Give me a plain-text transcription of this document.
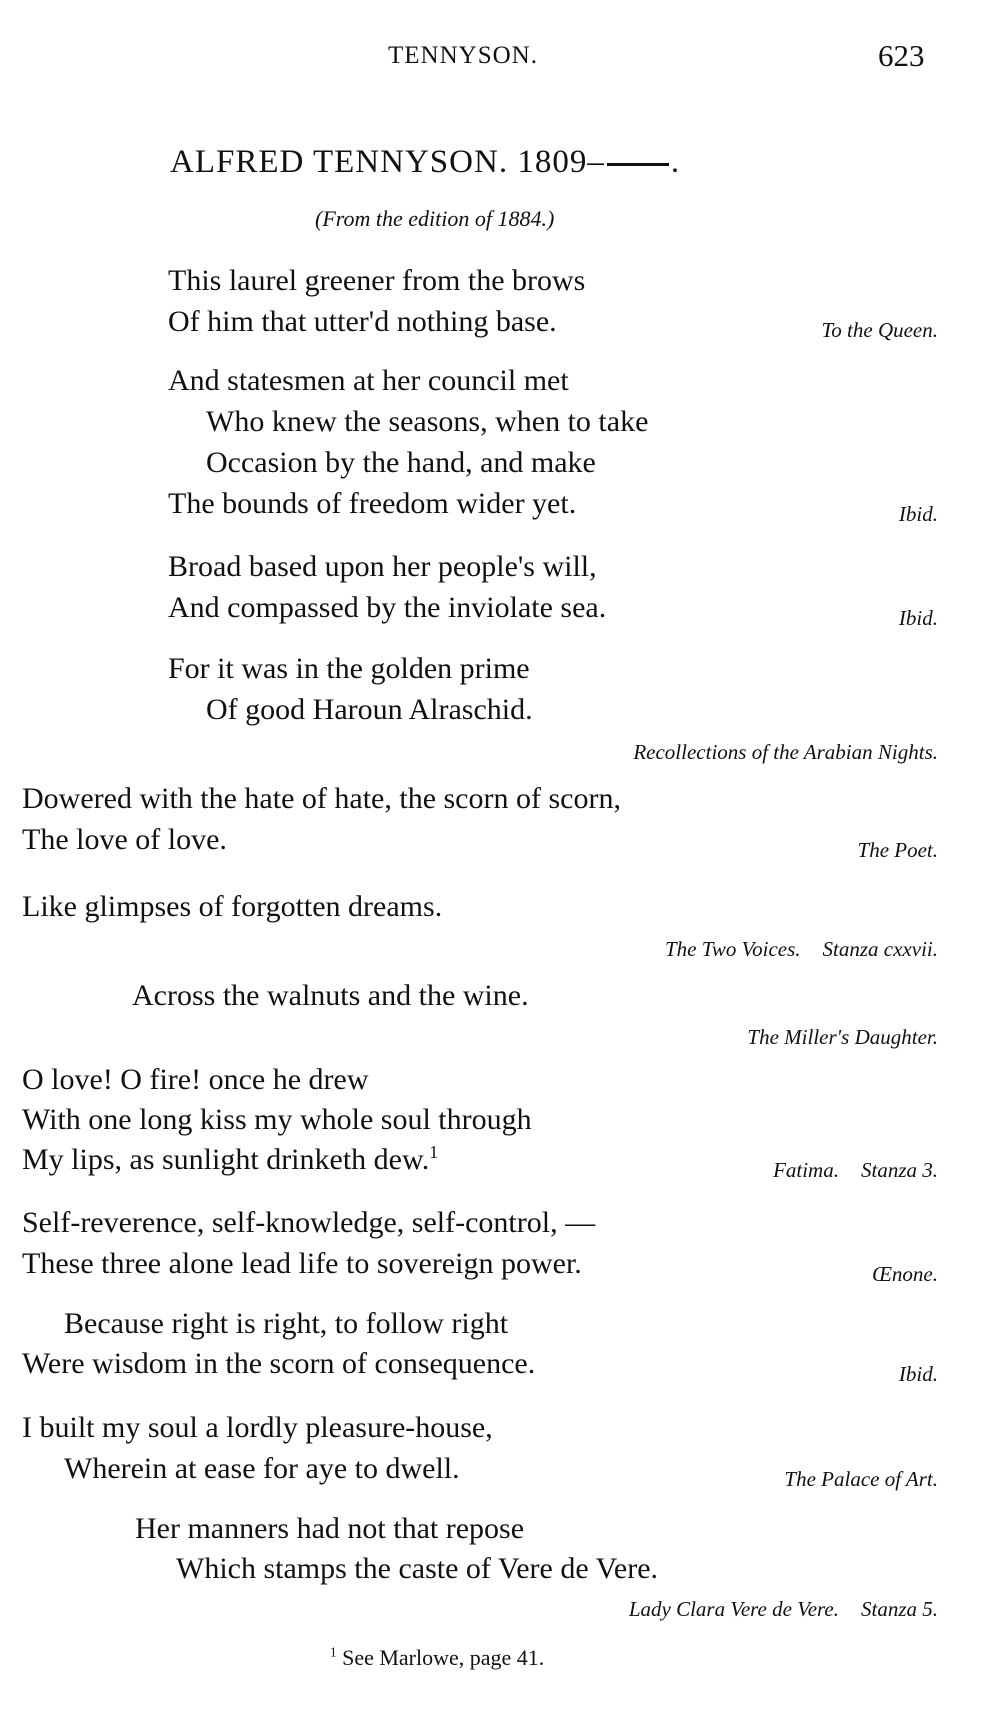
TENNYSON.	623
ALFRED TENNYSON. 1809– .
(From the edition of 1884.)
This laurel greener from the brows
Of him that utter'd nothing base.	To the Queen.
And statesmen at her council met
Who knew the seasons, when to take
Occasion by the hand, and make
The bounds of freedom wider yet.	Ibid.
Broad based upon her people's will,
And compassed by the inviolate sea.	Ibid.
For it was in the golden prime
Of good Haroun Alraschid.
Recollections of the Arabian Nights.
Dowered with the hate of hate, the scorn of scorn,
The love of love.	The Poet.
Like glimpses of forgotten dreams.
The Two Voices. Stanza cxxvii.
Across the walnuts and the wine.
The Miller's Daughter.
O love! O fire! once he drew
With one long kiss my whole soul through
My lips, as sunlight drinketh dew.$^1$
Fatima. Stanza 3.
Self-reverence, self-knowledge, self-control, —
These three alone lead life to sovereign power.	Œnone.
Because right is right, to follow right
Were wisdom in the scorn of consequence.	Ibid.
I built my soul a lordly pleasure-house,
Wherein at ease for aye to dwell.	The Palace of Art.
Her manners had not that repose
Which stamps the caste of Vere de Vere.
Lady Clara Vere de Vere. Stanza 5.
$^1$ See Marlowe, page 41.
